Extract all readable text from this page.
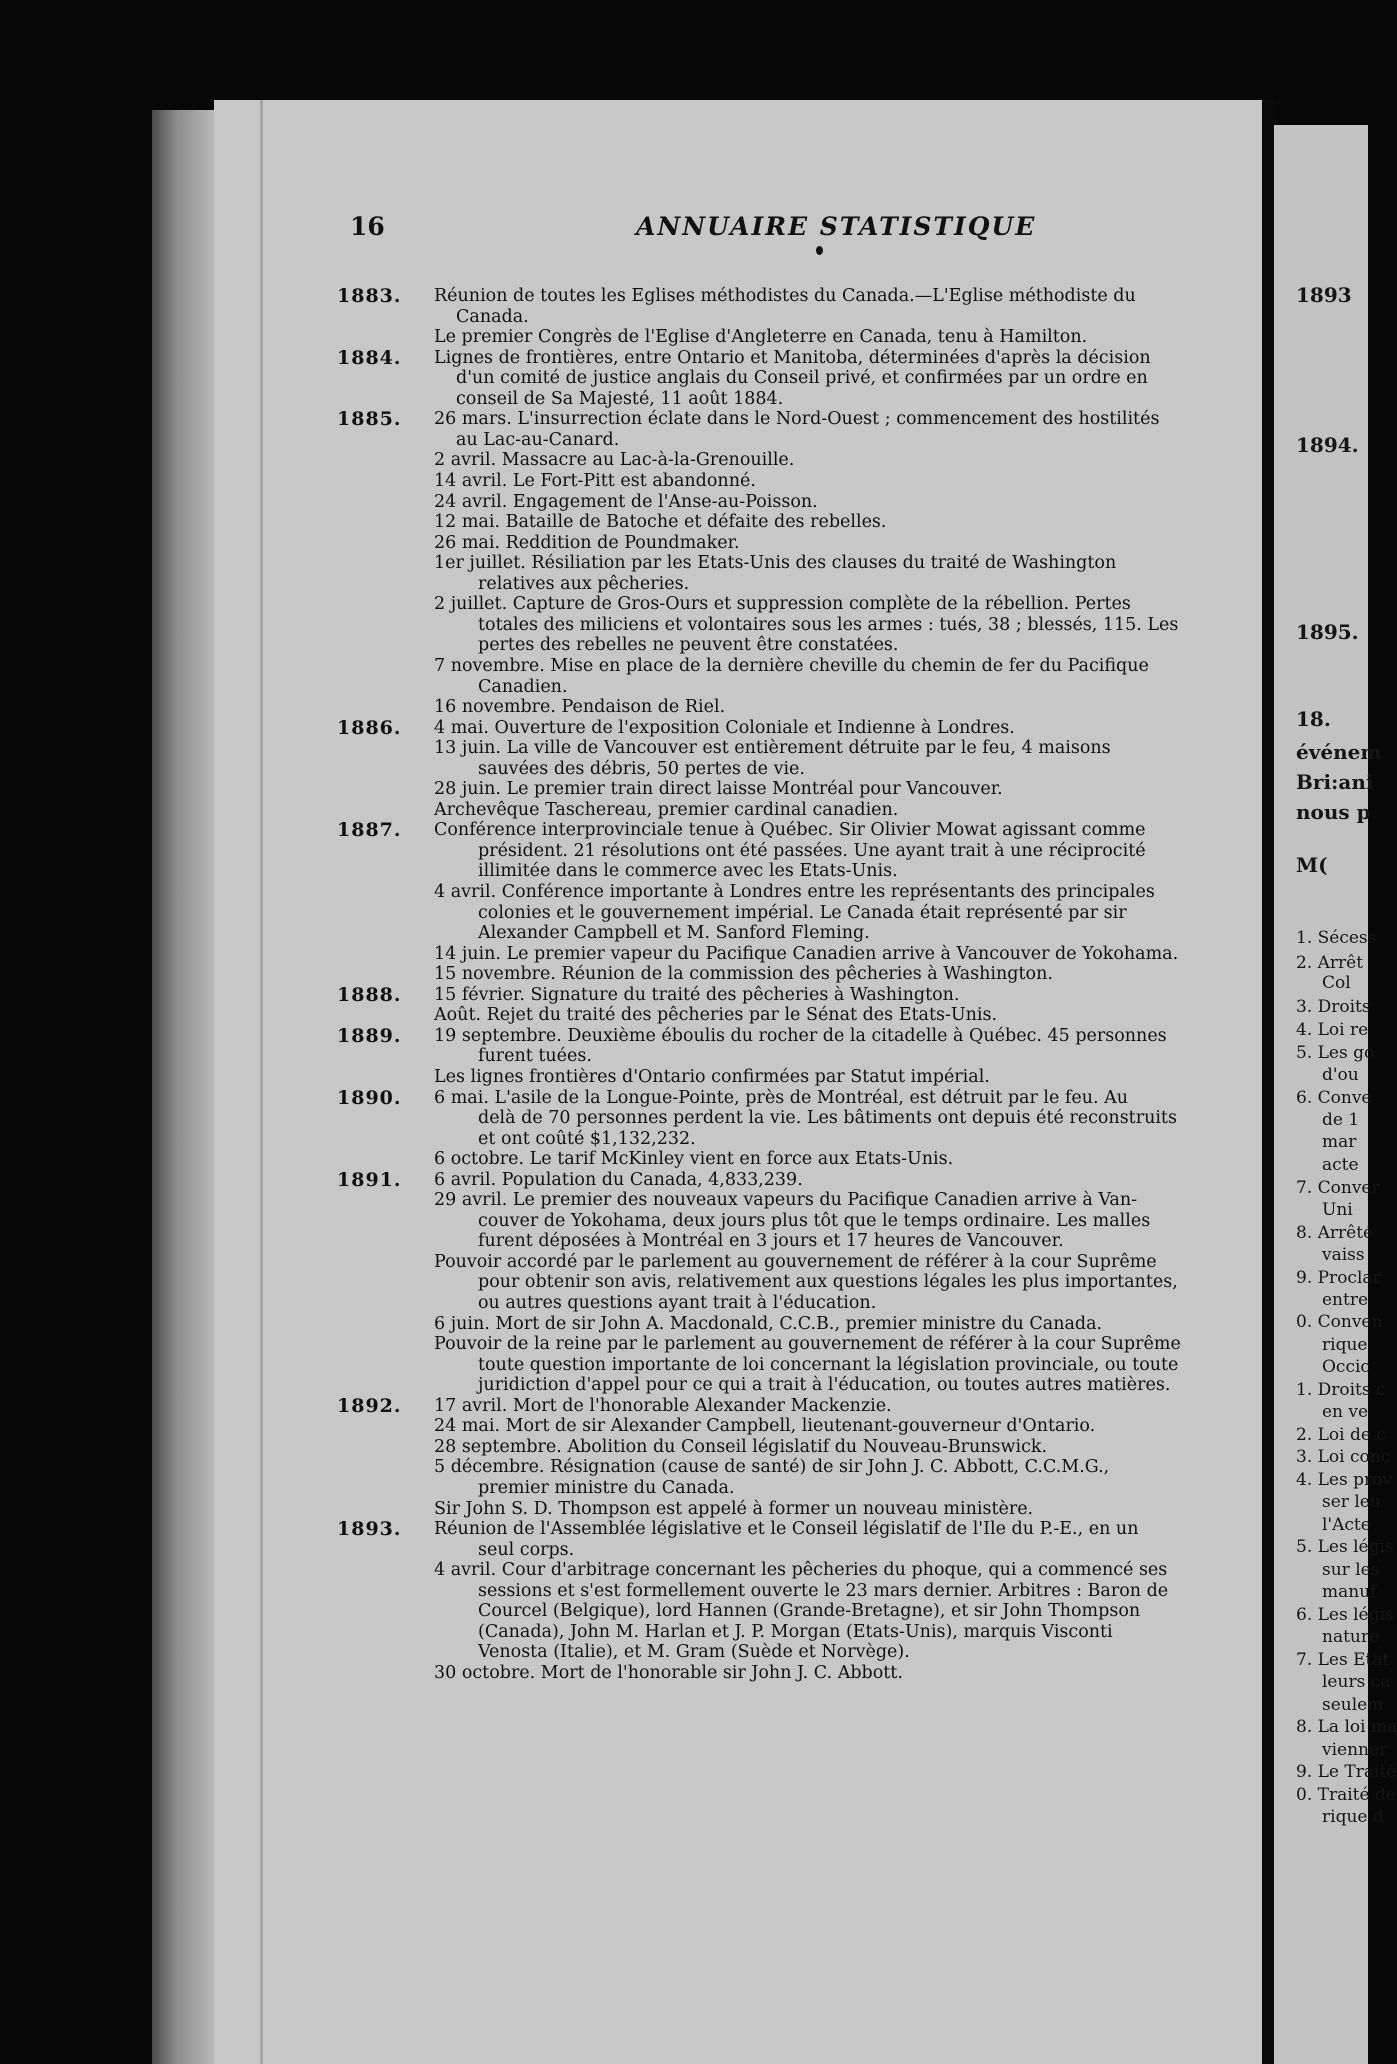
1893
1894.
1895.
18.
événem
Bri:ani
nous p
M(
1. Sécess
2. Arrêt
Col
3. Droits
4. Loi re
5. Les go
d'ou
6. Conve
de 1
mar
acte
7. Conver
Uni
8. Arrêté
vaiss
9. Proclar
entre
0. Conven
rique
Occic
1. Droits c
en ve
2. Loi de c
3. Loi conc
4. Les prov
ser leu
l'Acte
5. Les légis
sur les
manuf
6. Les légis
nature
7. Les Etat
leurs ca
seulem
8. La loi ma
vienner
9. Le Traité
0. Traité de
rique d
16	ANNUAIRE STATISTIQUE
1883. Réunion de toutes les Eglises méthodistes du Canada.—L'Eglise méthodiste du
Canada.
Le premier Congrès de l'Eglise d'Angleterre en Canada, tenu à Hamilton.
1884. Lignes de frontières, entre Ontario et Manitoba, déterminées d'après la décision
d'un comité de justice anglais du Conseil privé, et confirmées par un ordre en
conseil de Sa Majesté, 11 août 1884.
1885. 26 mars. L'insurrection éclate dans le Nord-Ouest ; commencement des hostilités
au Lac-au-Canard.
2 avril. Massacre au Lac-à-la-Grenouille.
14 avril. Le Fort-Pitt est abandonné.
24 avril. Engagement de l'Anse-au-Poisson.
12 mai. Bataille de Batoche et défaite des rebelles.
26 mai. Reddition de Poundmaker.
1er juillet. Résiliation par les Etats-Unis des clauses du traité de Washington
relatives aux pêcheries.
2 juillet. Capture de Gros-Ours et suppression complète de la rébellion. Pertes
totales des miliciens et volontaires sous les armes : tués, 38 ; blessés, 115. Les
pertes des rebelles ne peuvent être constatées.
7 novembre. Mise en place de la dernière cheville du chemin de fer du Pacifique
Canadien.
16 novembre. Pendaison de Riel.
1886. 4 mai. Ouverture de l'exposition Coloniale et Indienne à Londres.
13 juin. La ville de Vancouver est entièrement détruite par le feu, 4 maisons
sauvées des débris, 50 pertes de vie.
28 juin. Le premier train direct laisse Montréal pour Vancouver.
Archevêque Taschereau, premier cardinal canadien.
1887. Conférence interprovinciale tenue à Québec. Sir Olivier Mowat agissant comme
président. 21 résolutions ont été passées. Une ayant trait à une réciprocité
illimitée dans le commerce avec les Etats-Unis.
4 avril. Conférence importante à Londres entre les représentants des principales
colonies et le gouvernement impérial. Le Canada était représenté par sir
Alexander Campbell et M. Sanford Fleming.
14 juin. Le premier vapeur du Pacifique Canadien arrive à Vancouver de Yokohama.
15 novembre. Réunion de la commission des pêcheries à Washington.
1888. 15 février. Signature du traité des pêcheries à Washington.
Août. Rejet du traité des pêcheries par le Sénat des Etats-Unis.
1889. 19 septembre. Deuxième éboulis du rocher de la citadelle à Québec. 45 personnes
furent tuées.
Les lignes frontières d'Ontario confirmées par Statut impérial.
1890. 6 mai. L'asile de la Longue-Pointe, près de Montréal, est détruit par le feu. Au
delà de 70 personnes perdent la vie. Les bâtiments ont depuis été reconstruits
et ont coûté $1,132,232.
6 octobre. Le tarif McKinley vient en force aux Etats-Unis.
1891. 6 avril. Population du Canada, 4,833,239.
29 avril. Le premier des nouveaux vapeurs du Pacifique Canadien arrive à Van-
couver de Yokohama, deux jours plus tôt que le temps ordinaire. Les malles
furent déposées à Montréal en 3 jours et 17 heures de Vancouver.
Pouvoir accordé par le parlement au gouvernement de référer à la cour Suprême
pour obtenir son avis, relativement aux questions légales les plus importantes,
ou autres questions ayant trait à l'éducation.
6 juin. Mort de sir John A. Macdonald, C.C.B., premier ministre du Canada.
Pouvoir de la reine par le parlement au gouvernement de référer à la cour Suprême
toute question importante de loi concernant la législation provinciale, ou toute
juridiction d'appel pour ce qui a trait à l'éducation, ou toutes autres matières.
1892. 17 avril. Mort de l'honorable Alexander Mackenzie.
24 mai. Mort de sir Alexander Campbell, lieutenant-gouverneur d'Ontario.
28 septembre. Abolition du Conseil législatif du Nouveau-Brunswick.
5 décembre. Résignation (cause de santé) de sir John J. C. Abbott, C.C.M.G.,
premier ministre du Canada.
Sir John S. D. Thompson est appelé à former un nouveau ministère.
1893. Réunion de l'Assemblée législative et le Conseil législatif de l'Ile du P.-E., en un
seul corps.
4 avril. Cour d'arbitrage concernant les pêcheries du phoque, qui a commencé ses
sessions et s'est formellement ouverte le 23 mars dernier. Arbitres : Baron de
Courcel (Belgique), lord Hannen (Grande-Bretagne), et sir John Thompson
(Canada), John M. Harlan et J. P. Morgan (Etats-Unis), marquis Visconti
Venosta (Italie), et M. Gram (Suède et Norvège).
30 octobre. Mort de l'honorable sir John J. C. Abbott.
